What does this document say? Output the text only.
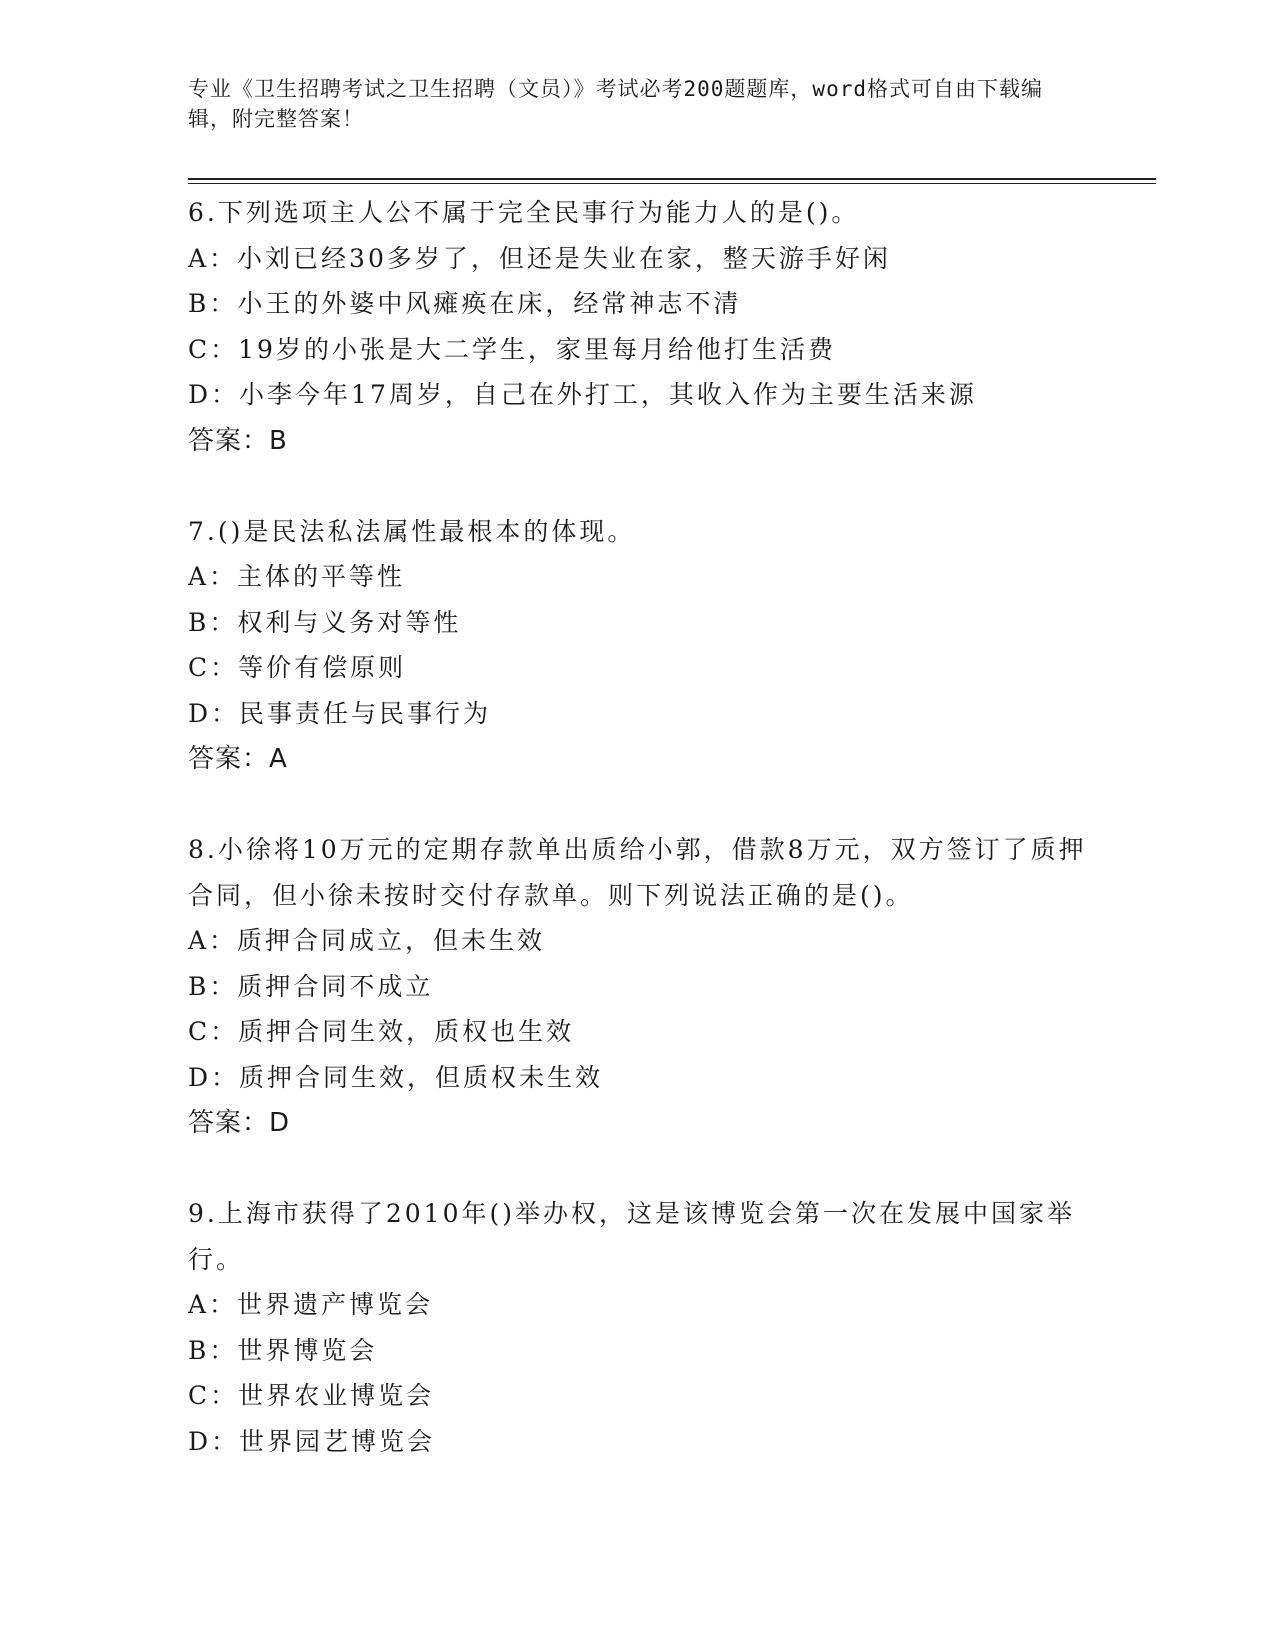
专业《卫生招聘考试之卫生招聘（文员）》考试必考200题题库，word格式可自由下载编辑，附完整答案！
6.下列选项主人公不属于完全民事行为能力人的是()。
A：小刘已经30多岁了，但还是失业在家，整天游手好闲
B：小王的外婆中风瘫痪在床，经常神志不清
C：19岁的小张是大二学生，家里每月给他打生活费
D：小李今年17周岁，自己在外打工，其收入作为主要生活来源
答案：B
7.()是民法私法属性最根本的体现。
A：主体的平等性
B：权利与义务对等性
C：等价有偿原则
D：民事责任与民事行为
答案：A
8.小徐将10万元的定期存款单出质给小郭，借款8万元，双方签订了质押合同，但小徐未按时交付存款单。则下列说法正确的是()。
A：质押合同成立，但未生效
B：质押合同不成立
C：质押合同生效，质权也生效
D：质押合同生效，但质权未生效
答案：D
9.上海市获得了2010年()举办权，这是该博览会第一次在发展中国家举行。
A：世界遗产博览会
B：世界博览会
C：世界农业博览会
D：世界园艺博览会
